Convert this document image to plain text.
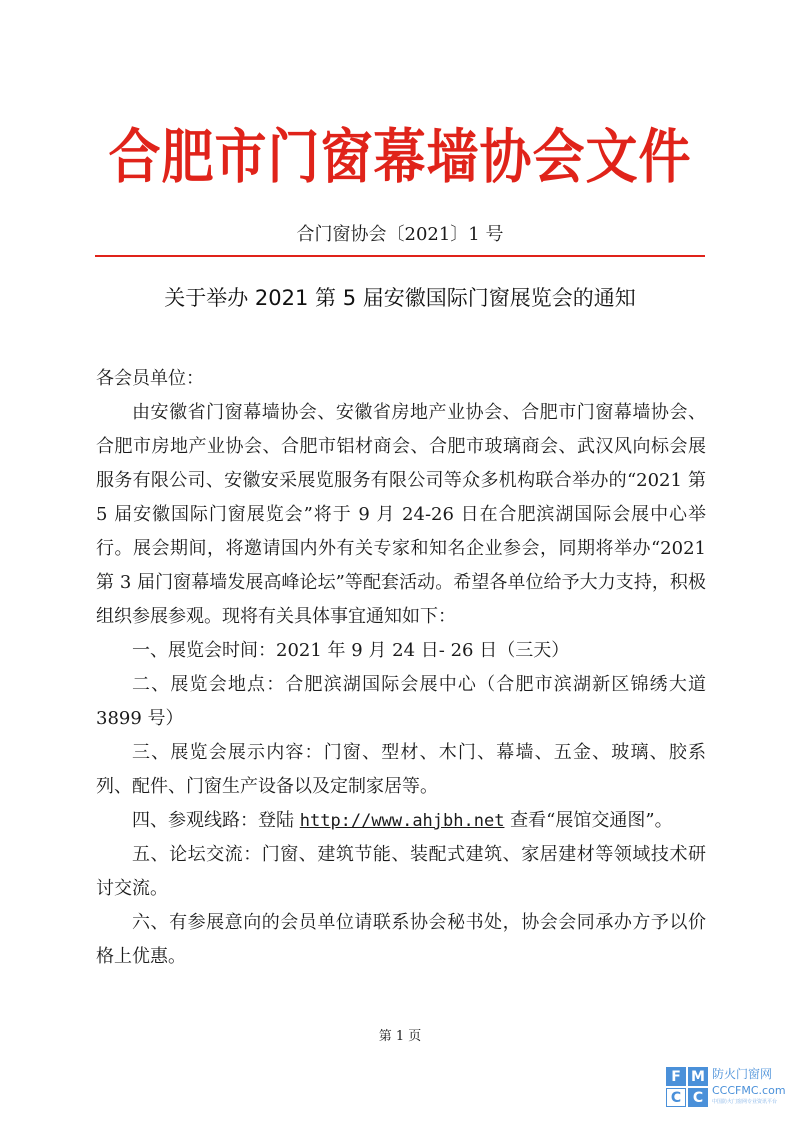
合肥市门窗幕墙协会文件
合门窗协会〔2021〕1 号
关于举办 2021 第 5 届安徽国际门窗展览会的通知

各会员单位：

由安徽省门窗幕墙协会、安徽省房地产业协会、合肥市门窗幕墙协会、合肥市房地产业协会、合肥市铝材商会、合肥市玻璃商会、武汉风向标会展服务有限公司、安徽安采展览服务有限公司等众多机构联合举办的“2021 第 5 届安徽国际门窗展览会”将于 9 月 24-26 日在合肥滨湖国际会展中心举行。展会期间，将邀请国内外有关专家和知名企业参会，同期将举办“2021 第 3 届门窗幕墙发展高峰论坛”等配套活动。希望各单位给予大力支持，积极组织参展参观。现将有关具体事宜通知如下：

一、展览会时间：2021 年 9 月 24 日- 26 日（三天）

二、展览会地点：合肥滨湖国际会展中心（合肥市滨湖新区锦绣大道 3899 号）

三、展览会展示内容：门窗、型材、木门、幕墙、五金、玻璃、胶系列、配件、门窗生产设备以及定制家居等。

四、参观线路：登陆 http://www.ahjbh.net 查看“展馆交通图”。

五、论坛交流：门窗、建筑节能、装配式建筑、家居建材等领域技术研讨交流。

六、有参展意向的会员单位请联系协会秘书处，协会会同承办方予以价格上优惠。

第 1 页
F M
C C
防火门窗网
CCCFMC.com
中国防火门窗网专业资讯平台
